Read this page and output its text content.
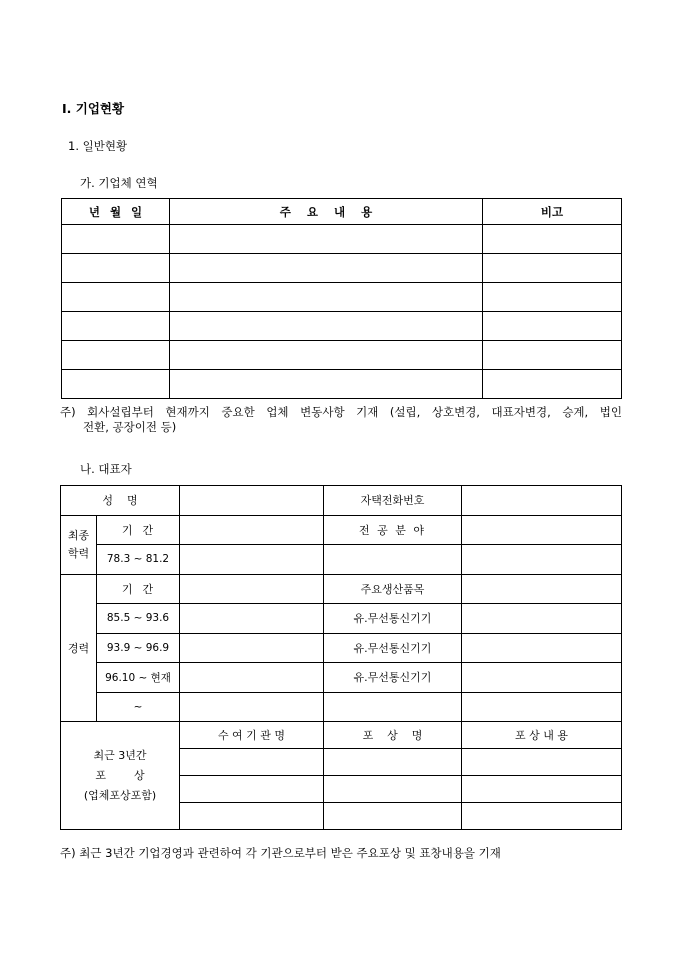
I. 기업현황
1. 일반현황
가. 기업체 연혁
년 월 일	주    요    내    용	비고

주) 회사설립부터 현재까지 중요한 업체 변동사항 기재 (설립, 상호변경, 대표자변경, 승계, 법인
전환, 공장이전 등)
나. 대표자
성    명			자택전화번호	
최종
학력	기  간		전 공 분 야	
	78.3 ~ 81.2			
경력	기  간		주요생산품목	
	85.5 ~ 93.6		유.무선통신기기	
	93.9 ~ 96.9		유.무선통신기기	
	96.10 ~ 현재		유.무선통신기기	
	~			
최근 3년간
포        상
(업체포상포함)		수 여 기 관 명	포    상    명	포 상 내 용

주) 최근 3년간 기업경영과 관련하여 각 기관으로부터 받은 주요포상 및 표창내용을 기재
